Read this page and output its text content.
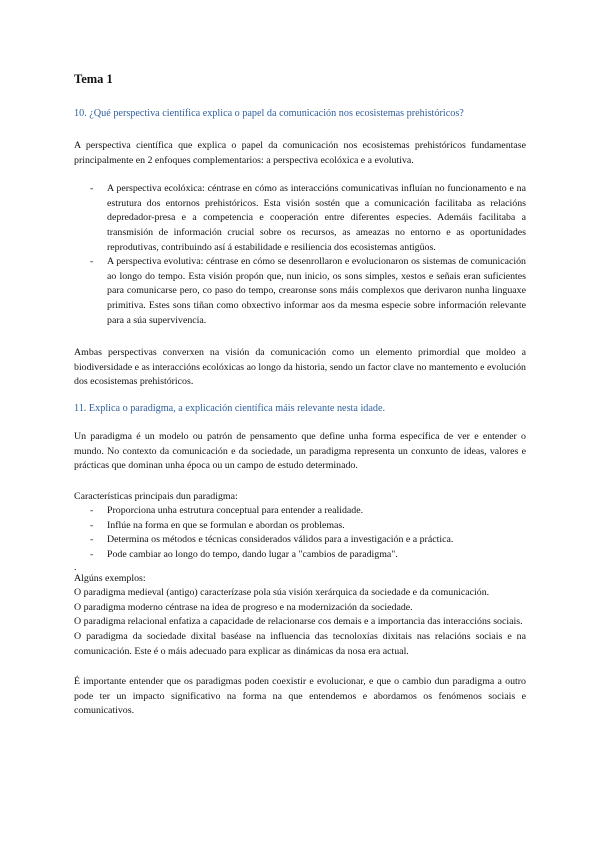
Tema 1
10. ¿Qué perspectiva científica explica o papel da comunicación nos ecosistemas prehistóricos?

A perspectiva científica que explica o papel da comunicación nos ecosistemas prehistóricos fundamentase principalmente en 2 enfoques complementarios: a perspectiva ecolóxica e a evolutiva.

- A perspectiva ecolóxica: céntrase en cómo as interaccións comunicativas influían no funcionamento e na estrutura dos entornos prehistóricos. Esta visión sostén que a comunicación facilitaba as relacións depredador-presa e a competencia e cooperación entre diferentes especies. Ademáis facilitaba a transmisión de información crucial sobre os recursos, as ameazas no entorno e as oportunidades reprodutivas, contribuindo así á estabilidade e resiliencia dos ecosistemas antigüos.
- A perspectiva evolutiva: céntrase en cómo se desenrollaron e evolucionaron os sistemas de comunicación ao longo do tempo. Esta visión propón que, nun inicio, os sons simples, xestos e señais eran suficientes para comunicarse pero, co paso do tempo, crearonse sons máis complexos que derivaron nunha linguaxe primitiva. Estes sons tiñan como obxectivo informar aos da mesma especie sobre información relevante para a súa supervivencia.

Ambas perspectivas converxen na visión da comunicación como un elemento primordial que moldeo a biodiversidade e as interaccións ecolóxicas ao longo da historia, sendo un factor clave no mantemento e evolución dos ecosistemas prehistóricos.

11. Explica o paradigma, a explicación científica máis relevante nesta idade.

Un paradigma é un modelo ou patrón de pensamento que define unha forma específica de ver e entender o mundo. No contexto da comunicación e da sociedade, un paradigma representa un conxunto de ideas, valores e prácticas que dominan unha época ou un campo de estudo determinado.

Características principais dun paradigma:

- Proporciona unha estrutura conceptual para entender a realidade.
- Inflúe na forma en que se formulan e abordan os problemas.
- Determina os métodos e técnicas considerados válidos para a investigación e a práctica.
- Pode cambiar ao longo do tempo, dando lugar a "cambios de paradigma".

.

Algúns exemplos:

O paradigma medieval (antigo) caracterízase pola súa visión xerárquica da sociedade e da comunicación.

O paradigma moderno céntrase na idea de progreso e na modernización da sociedade.

O paradigma relacional enfatiza a capacidade de relacionarse cos demais e a importancia das interaccións sociais.

O paradigma da sociedade dixital baséase na influencia das tecnoloxías dixitais nas relacións sociais e na comunicación. Este é o máis adecuado para explicar as dinámicas da nosa era actual.

É importante entender que os paradigmas poden coexistir e evolucionar, e que o cambio dun paradigma a outro pode ter un impacto significativo na forma na que entendemos e abordamos os fenómenos sociais e comunicativos.
